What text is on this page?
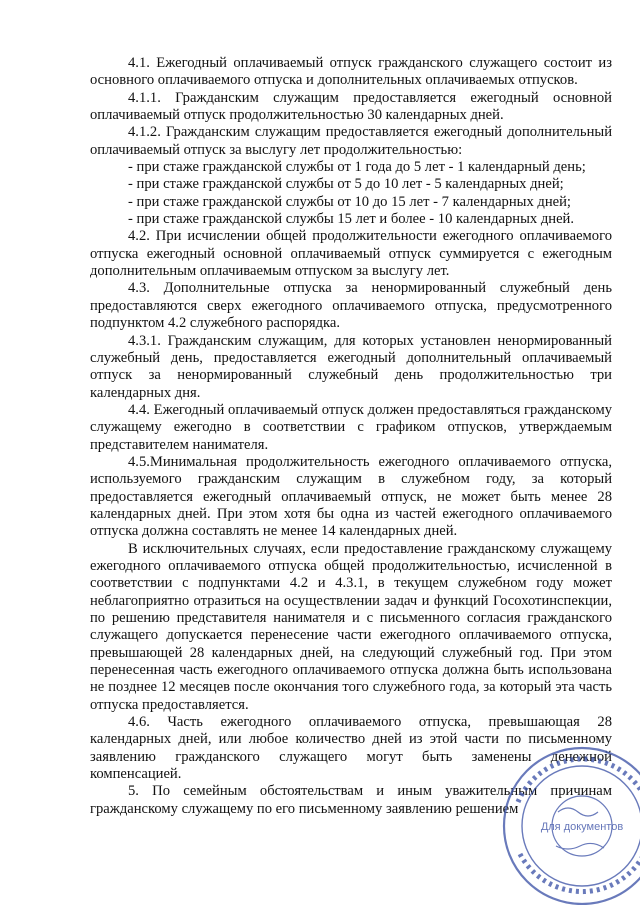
4.1. Ежегодный оплачиваемый отпуск гражданского служащего состоит из основного оплачиваемого отпуска и дополнительных оплачиваемых отпусков.

4.1.1. Гражданским служащим предоставляется ежегодный основной оплачиваемый отпуск продолжительностью 30 календарных дней.

4.1.2. Гражданским служащим предоставляется ежегодный дополнительный оплачиваемый отпуск за выслугу лет продолжительностью:

- при стаже гражданской службы от 1 года до 5 лет - 1 календарный день;

- при стаже гражданской службы от 5 до 10 лет - 5 календарных дней;

- при стаже гражданской службы от 10 до 15 лет - 7 календарных дней;

- при стаже гражданской службы 15 лет и более - 10 календарных дней.

4.2. При исчислении общей продолжительности ежегодного оплачиваемого отпуска ежегодный основной оплачиваемый отпуск суммируется с ежегодным дополнительным оплачиваемым отпуском за выслугу лет.

4.3. Дополнительные отпуска за ненормированный служебный день предоставляются сверх ежегодного оплачиваемого отпуска, предусмотренного подпунктом 4.2 служебного распорядка.

4.3.1. Гражданским служащим, для которых установлен ненормированный служебный день, предоставляется ежегодный дополнительный оплачиваемый отпуск за ненормированный служебный день продолжительностью три календарных дня.

4.4. Ежегодный оплачиваемый отпуск должен предоставляться гражданскому служащему ежегодно в соответствии с графиком отпусков, утверждаемым представителем нанимателя.

4.5.Минимальная продолжительность ежегодного оплачиваемого отпуска, используемого гражданским служащим в служебном году, за который предоставляется ежегодный оплачиваемый отпуск, не может быть менее 28 календарных дней. При этом хотя бы одна из частей ежегодного оплачиваемого отпуска должна составлять не менее 14 календарных дней.

В исключительных случаях, если предоставление гражданскому служащему ежегодного оплачиваемого отпуска общей продолжительностью, исчисленной в соответствии с подпунктами 4.2 и 4.3.1, в текущем служебном году может неблагоприятно отразиться на осуществлении задач и функций Госохотинспекции, по решению представителя нанимателя и с письменного согласия гражданского служащего допускается перенесение части ежегодного оплачиваемого отпуска, превышающей 28 календарных дней, на следующий служебный год. При этом перенесенная часть ежегодного оплачиваемого отпуска должна быть использована не позднее 12 месяцев после окончания того служебного года, за который эта часть отпуска предоставляется.

4.6. Часть ежегодного оплачиваемого отпуска, превышающая 28 календарных дней, или любое количество дней из этой части по письменному заявлению гражданского служащего могут быть заменены денежной компенсацией.

5. По семейным обстоятельствам и иным уважительным причинам гражданскому служащему по его письменному заявлению решением

Для документов
